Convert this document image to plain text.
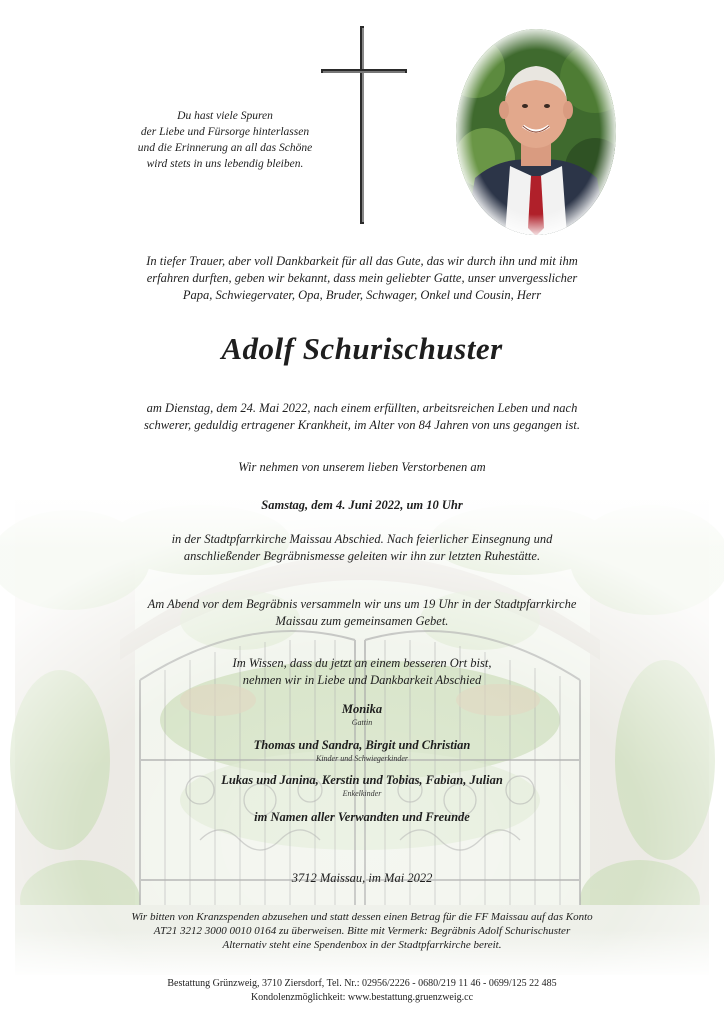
Du hast viele Spuren
der Liebe und Fürsorge hinterlassen
und die Erinnerung an all das Schöne
wird stets in uns lebendig bleiben.
In tiefer Trauer, aber voll Dankbarkeit für all das Gute, das wir durch ihn und mit ihm
erfahren durften, geben wir bekannt, dass mein geliebter Gatte, unser unvergesslicher
Papa, Schwiegervater, Opa, Bruder, Schwager, Onkel und Cousin, Herr
Adolf Schurischuster
am Dienstag, dem 24. Mai 2022, nach einem erfüllten, arbeitsreichen Leben und nach
schwerer, geduldig ertragener Krankheit, im Alter von 84 Jahren von uns gegangen ist.
Wir nehmen von unserem lieben Verstorbenen am
Samstag, dem 4. Juni 2022, um 10 Uhr
in der Stadtpfarrkirche Maissau Abschied. Nach feierlicher Einsegnung und
anschließender Begräbnismesse geleiten wir ihn zur letzten Ruhestätte.
Am Abend vor dem Begräbnis versammeln wir uns um 19 Uhr in der Stadtpfarrkirche
Maissau zum gemeinsamen Gebet.
Im Wissen, dass du jetzt an einem besseren Ort bist,
nehmen wir in Liebe und Dankbarkeit Abschied
Monika
Gattin
Thomas und Sandra, Birgit und Christian
Kinder und Schwiegerkinder
Lukas und Janina, Kerstin und Tobias, Fabian, Julian
Enkelkinder
im Namen aller Verwandten und Freunde
3712 Maissau, im Mai 2022
Wir bitten von Kranzspenden abzusehen und statt dessen einen Betrag für die FF Maissau auf das Konto
AT21 3212 3000 0010 0164 zu überweisen. Bitte mit Vermerk: Begräbnis Adolf Schurischuster
Alternativ steht eine Spendenbox in der Stadtpfarrkirche bereit.
Bestattung Grünzweig, 3710 Ziersdorf, Tel. Nr.: 02956/2226 - 0680/219 11 46 - 0699/125 22 485
Kondolenzmöglichkeit: www.bestattung.gruenzweig.cc
